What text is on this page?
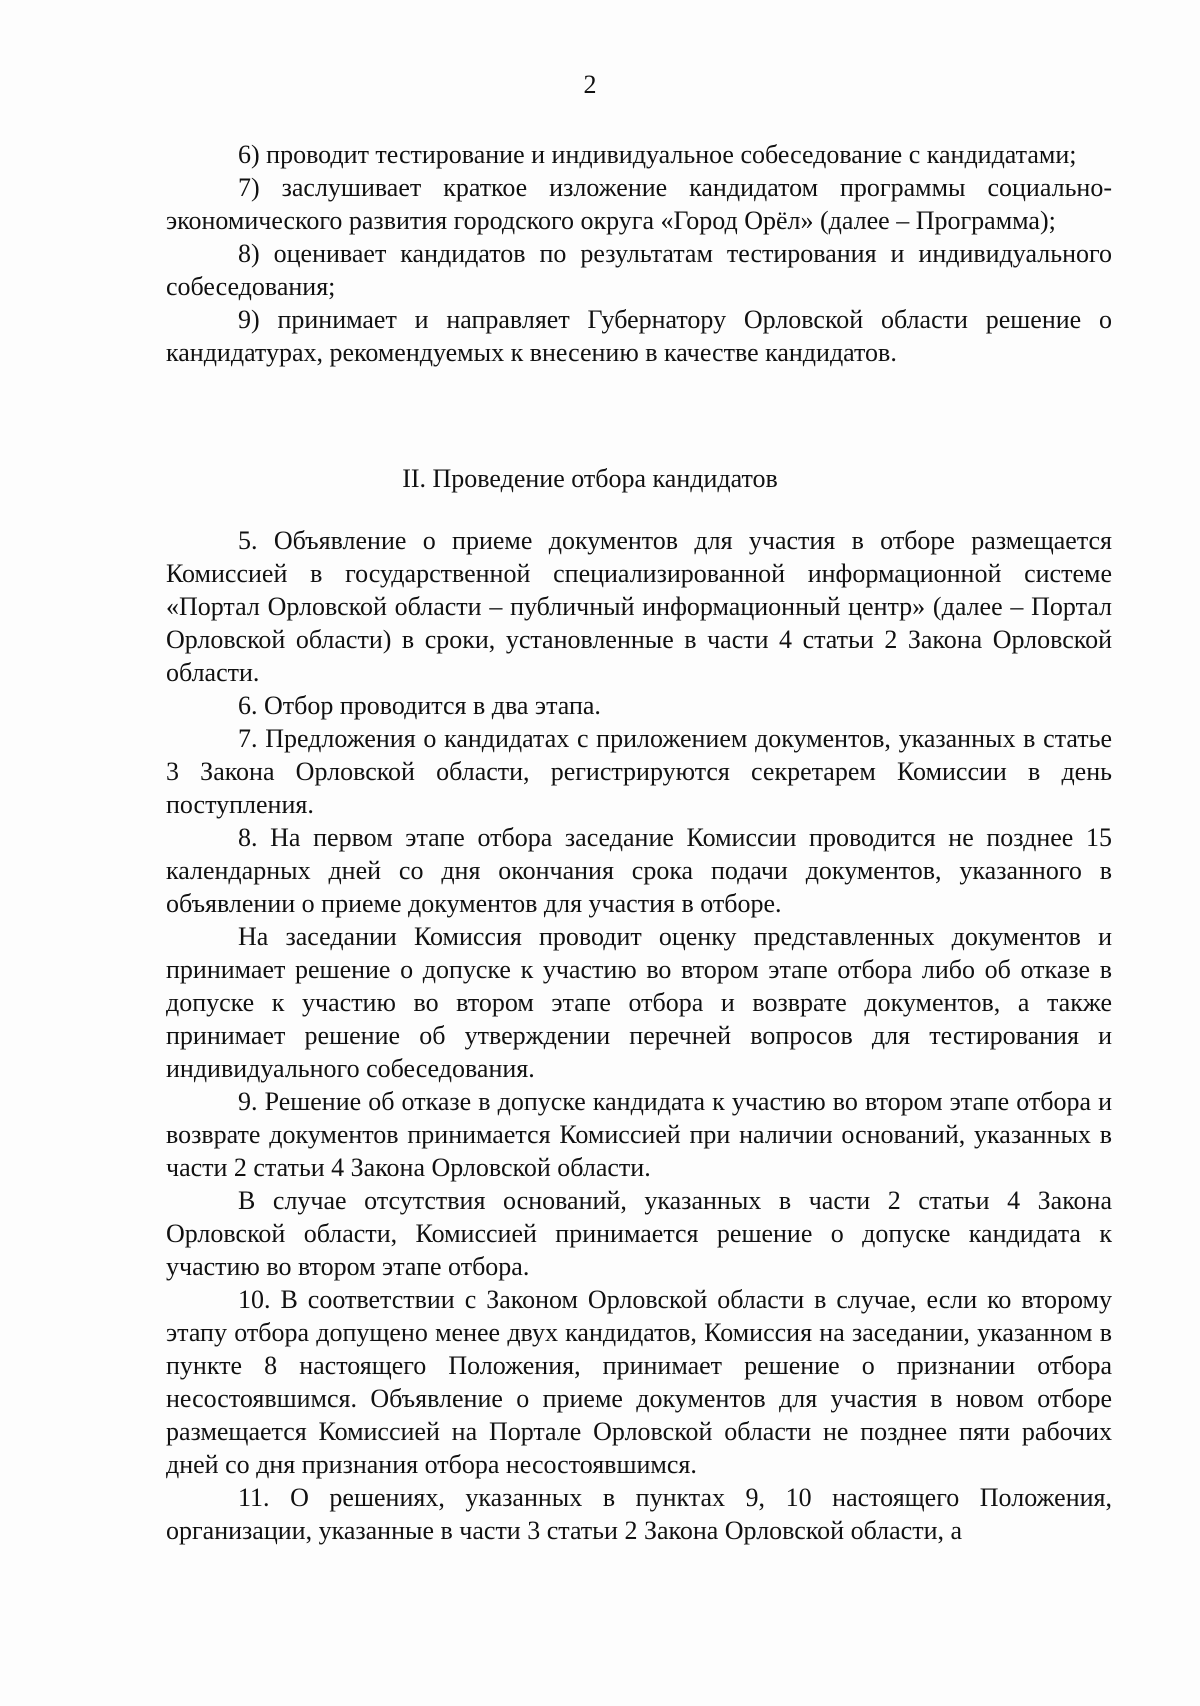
2

6) проводит тестирование и индивидуальное собеседование с кандидатами;

7) заслушивает краткое изложение кандидатом программы социально-экономического развития городского округа «Город Орёл» (далее – Программа);

8) оценивает кандидатов по результатам тестирования и индивидуального собеседования;

9) принимает и направляет Губернатору Орловской области решение о кандидатурах, рекомендуемых к внесению в качестве кандидатов.

II. Проведение отбора кандидатов

5. Объявление о приеме документов для участия в отборе размещается Комиссией в государственной специализированной информационной системе «Портал Орловской области – публичный информационный центр» (далее – Портал Орловской области) в сроки, установленные в части 4 статьи 2 Закона Орловской области.

6. Отбор проводится в два этапа.

7. Предложения о кандидатах с приложением документов, указанных в статье 3 Закона Орловской области, регистрируются секретарем Комиссии в день поступления.

8. На первом этапе отбора заседание Комиссии проводится не позднее 15 календарных дней со дня окончания срока подачи документов, указанного в объявлении о приеме документов для участия в отборе.

На заседании Комиссия проводит оценку представленных документов и принимает решение о допуске к участию во втором этапе отбора либо об отказе в допуске к участию во втором этапе отбора и возврате документов, а также принимает решение об утверждении перечней вопросов для тестирования и индивидуального собеседования.

9. Решение об отказе в допуске кандидата к участию во втором этапе отбора и возврате документов принимается Комиссией при наличии оснований, указанных в части 2 статьи 4 Закона Орловской области.

В случае отсутствия оснований, указанных в части 2 статьи 4 Закона Орловской области, Комиссией принимается решение о допуске кандидата к участию во втором этапе отбора.

10. В соответствии с Законом Орловской области в случае, если ко второму этапу отбора допущено менее двух кандидатов, Комиссия на заседании, указанном в пункте 8 настоящего Положения, принимает решение о признании отбора несостоявшимся. Объявление о приеме документов для участия в новом отборе размещается Комиссией на Портале Орловской области не позднее пяти рабочих дней со дня признания отбора несостоявшимся.

11. О решениях, указанных в пунктах 9, 10 настоящего Положения, организации, указанные в части 3 статьи 2 Закона Орловской области, а
